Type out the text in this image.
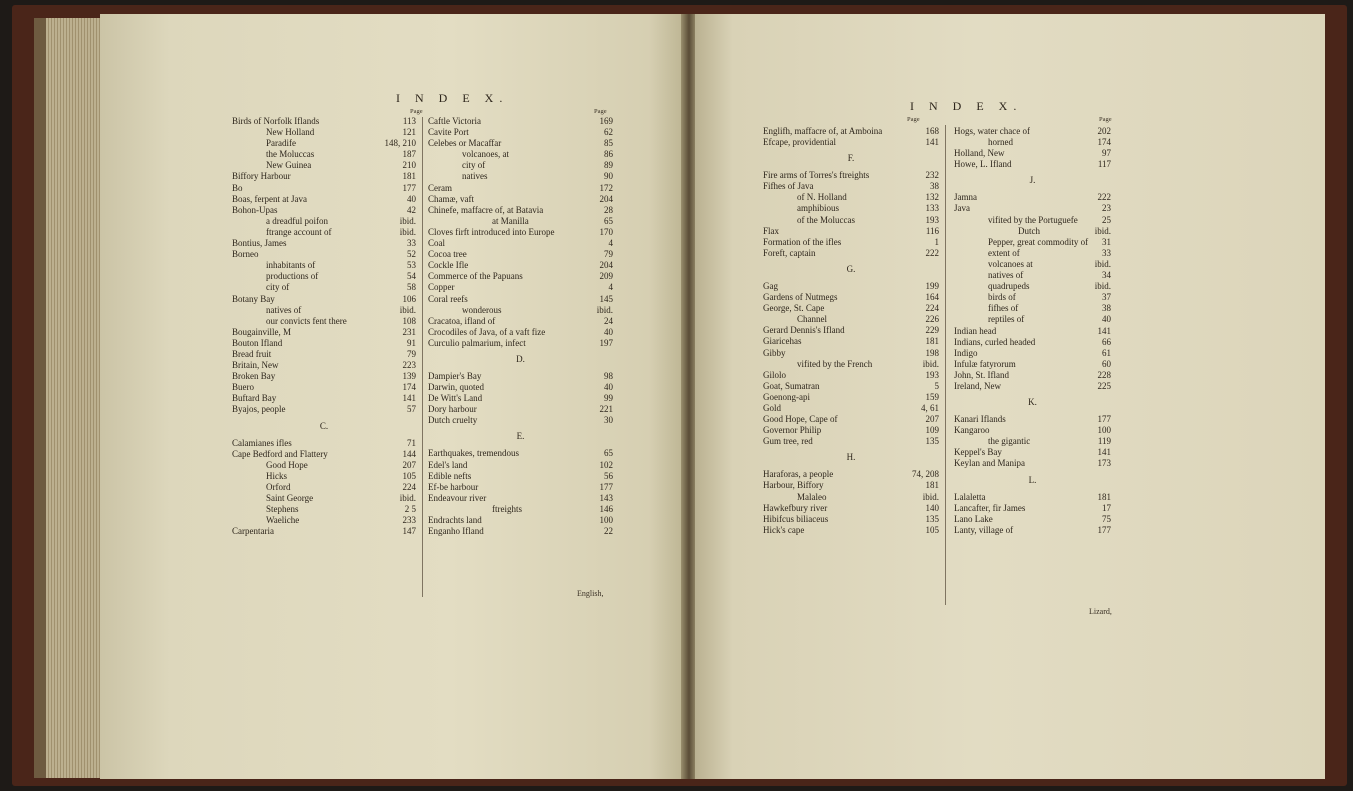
I N D E X.
Page	Page
Birds of Norfolk Iflands	113
New Holland	121
Paradife	148, 210
the Moluccas	187
New Guinea	210
Biffory Harbour	181
Bo	177
Boas, ferpent at Java	40
Bohon-Upas	42
a dreadful poifon	ibid.
ftrange account of	ibid.
Bontius, James	33
Borneo	52
inhabitants of	53
productions of	54
city of	58
Botany Bay	106
natives of	ibid.
our convicts fent there	108
Bougainville, M	231
Bouton Ifland	91
Bread fruit	79
Britain, New	223
Broken Bay	139
Buero	174
Buftard Bay	141
Byajos, people	57
C.
Calamianes ifles	71
Cape Bedford and Flattery	144
Good Hope	207
Hicks	105
Orford	224
Saint George	ibid.
Stephens	2 5
Waeliche	233
Carpentaria	147
Caftle Victoria	169
Cavite Port	62
Celebes or Macaffar	85
volcanoes, at	86
city of	89
natives	90
Ceram	172
Chamæ, vaft	204
Chinefe, maffacre of, at Batavia	28
at Manilla	65
Cloves firft introduced into Europe	170
Coal	4
Cocoa tree	79
Cockle Ifle	204
Commerce of the Papuans	209
Copper	4
Coral reefs	145
wonderous	ibid.
Cracatoa, ifland of	24
Crocodiles of Java, of a vaft fize	40
Curculio palmarium, infect	197
D.
Dampier's Bay	98
Darwin, quoted	40
De Witt's Land	99
Dory harbour	221
Dutch cruelty	30
E.
Earthquakes, tremendous	65
Edel's land	102
Edible nefts	56
Ef-be harbour	177
Endeavour river	143
ftreights	146
Endrachts land	100
Enganho Ifland	22
English,
I N D E X.
Page	Page
Englifh, maffacre of, at Amboina	168
Efcape, providential	141
F.
Fire arms of Torres's ftreights	232
Fifhes of Java	38
of N. Holland	132
amphibious	133
of the Moluccas	193
Flax	116
Formation of the ifles	1
Foreft, captain	222
G.
Gag	199
Gardens of Nutmegs	164
George, St. Cape	224
Channel	226
Gerard Dennis's Ifland	229
Giaricehas	181
Gibby	198
vifited by the French	ibid.
Gilolo	193
Goat, Sumatran	5
Goenong-api	159
Gold	4, 61
Good Hope, Cape of	207
Governor Philip	109
Gum tree, red	135
H.
Haraforas, a people	74, 208
Harbour, Biffory	181
Malaleo	ibid.
Hawkefbury river	140
Hibifcus biliaceus	135
Hick's cape	105
Hogs, water chace of	202
horned	174
Holland, New	97
Howe, L. Ifland	117
J.
Jamna	222
Java	23
vifited by the Portuguefe	25
Dutch	ibid.
Pepper, great commodity of 31
extent of	33
volcanoes at	ibid.
natives of	34
quadrupeds	ibid.
birds of	37
fifhes of	38
reptiles of	40
Indian head	141
Indians, curled headed	66
Indigo	61
Infulæ fatyrorum	60
John, St. Ifland	228
Ireland, New	225
K.
Kanari Iflands	177
Kangaroo	100
the gigantic	119
Keppel's Bay	141
Keylan and Manipa	173
L.
Lalaletta	181
Lancafter, fir James	17
Lano Lake	75
Lanty, village of	177
Lizard,
